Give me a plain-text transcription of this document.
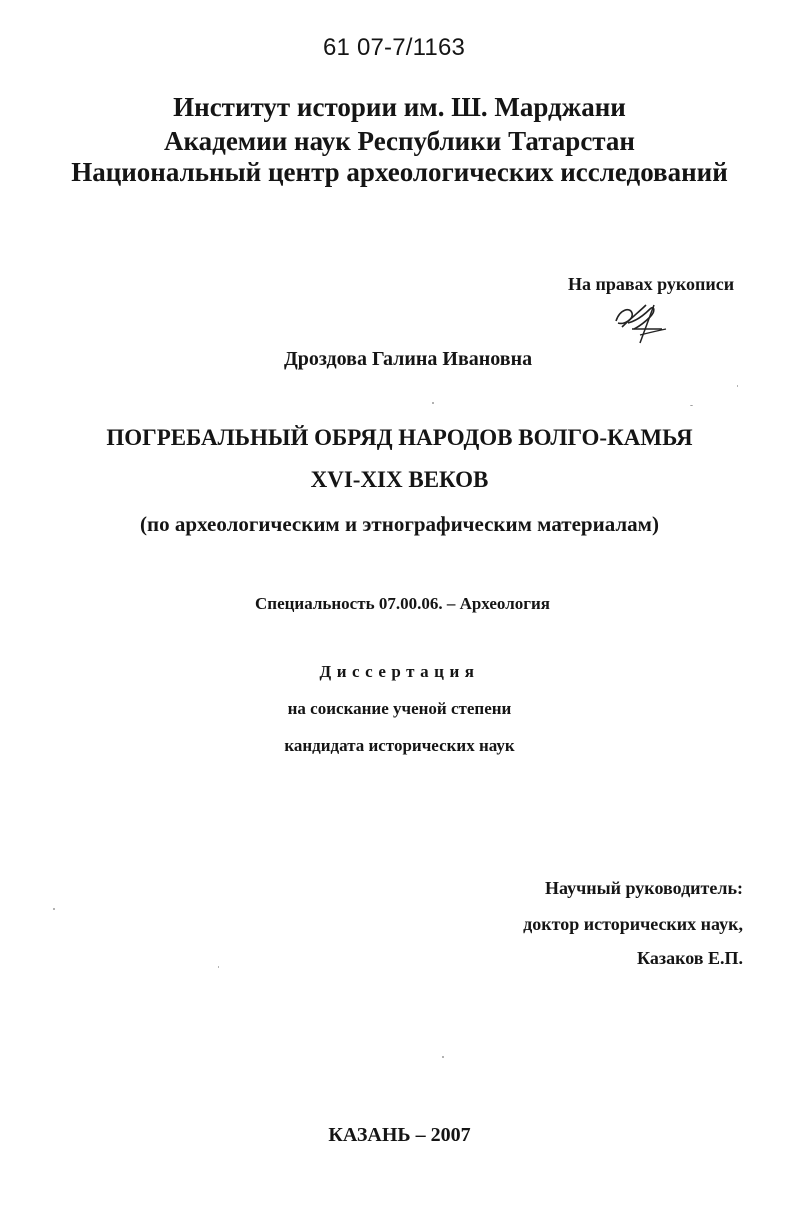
61 07-7/1163
Институт истории им. Ш. Марджани
Академии наук Республики Татарстан
Национальный центр археологических исследований
На правах рукописи
Дроздова Галина Ивановна
ПОГРЕБАЛЬНЫЙ ОБРЯД НАРОДОВ ВОЛГО-КАМЬЯ
XVI-XIX ВЕКОВ
(по археологическим и этнографическим материалам)
Специальность 07.00.06. – Археология
Диссертация
на соискание ученой степени
кандидата исторических наук
Научный руководитель:
доктор исторических наук,
Казаков Е.П.
КАЗАНЬ – 2007
